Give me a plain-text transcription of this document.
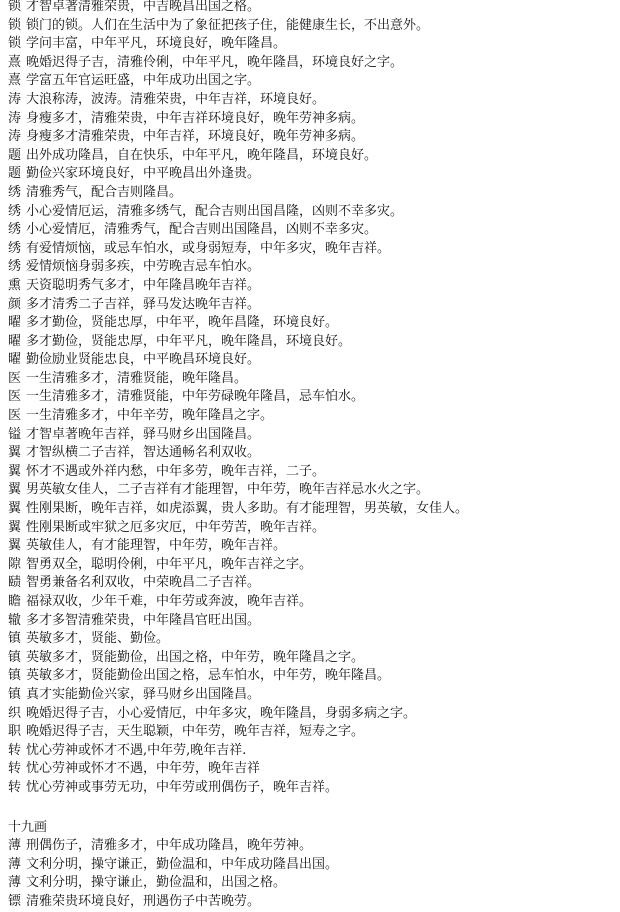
锁 才智卓著清雅荣贵，中吉晚昌出国之格。
锁 锁门的锁。人们在生活中为了象征把孩子住，能健康生长，不出意外。
锁 学问丰富，中年平凡，环境良好，晚年隆昌。
熹 晚婚迟得子吉，清雅伶俐，中年平凡，晚年隆昌，环境良好之字。
熹 学富五年官运旺盛，中年成功出国之字。
涛 大浪称涛，波涛。清雅荣贵，中年吉祥，环境良好。
涛 身瘦多才，清雅荣贵，中年吉祥环境良好，晚年劳神多病。
涛 身瘦多才清雅荣贵，中年吉祥，环境良好，晚年劳神多病。
题 出外成功隆昌，自在快乐，中年平凡，晚年隆昌，环境良好。
题 勤俭兴家环境良好，中平晚昌出外逢贵。
绣 清雅秀气，配合吉则隆昌。
绣 小心爱情厄运，清雅多绣气，配合吉则出国昌隆，凶则不幸多灾。
绣 小心爱情厄，清雅秀气，配合吉则出国隆昌，凶则不幸多灾。
绣 有爱情烦恼，或忌车怕水，或身弱短寿，中年多灾，晚年吉祥。
绣 爱情烦恼身弱多疾，中劳晚吉忌车怕水。
熏 天资聪明秀气多才，中年隆昌晚年吉祥。
颜 多才清秀二子吉祥，驿马发达晚年吉祥。
曜 多才勤俭，贤能忠厚，中年平，晚年昌隆，环境良好。
曜 多才勤俭，贤能忠厚，中年平凡，晚年隆昌，环境良好。
曜 勤俭励业贤能忠良，中平晚昌环境良好。
医 一生清雅多才，清雅贤能，晚年隆昌。
医 一生清雅多才，清雅贤能，中年劳碌晚年隆昌，忌车怕水。
医 一生清雅多才，中年辛劳，晚年隆昌之字。
镒 才智卓著晚年吉祥，驿马财乡出国隆昌。
翼 才智纵横二子吉祥，智达通畅名利双收。
翼 怀才不遇或外祥内愁，中年多劳，晚年吉祥，二子。
翼 男英敏女佳人，二子吉祥有才能理智，中年劳，晚年吉祥忌水火之字。
翼 性刚果断，晚年吉祥，如虎添翼，贵人多助。有才能理智，男英敏，女佳人。
翼 性刚果断或牢狱之厄多灾厄，中年劳苦，晚年吉祥。
翼 英敏佳人，有才能理智，中年劳，晚年吉祥。
隙 智勇双全，聪明伶俐，中年平凡，晚年吉祥之字。
赜 智勇兼备名利双收，中荣晚昌二子吉祥。
瞻 福禄双收，少年千难，中年劳或奔波，晚年吉祥。
辙 多才多智清雅荣贵，中年隆昌官旺出国。
镇 英敏多才，贤能、勤俭。
镇 英敏多才，贤能勤俭，出国之格，中年劳，晚年隆昌之字。
镇 英敏多才，贤能勤俭出国之格，忌车怕水，中年劳，晚年隆昌。
镇 真才实能勤俭兴家，驿马财乡出国隆昌。
织 晚婚迟得子吉，小心爱情厄，中年多灾，晚年隆昌，身弱多病之字。
职 晚婚迟得子吉，天生聪颖，中年劳，晚年吉祥，短寿之字。
转 忧心劳神或怀才不遇,中年劳,晚年吉祥.
转 忧心劳神或怀才不遇，中年劳，晚年吉祥
转 忧心劳神或事劳无功，中年劳或刑偶伤子，晚年吉祥。
十九画
薄 刑偶伤子，清雅多才，中年成功隆昌，晚年劳神。
薄 文利分明，操守谦正，勤俭温和，中年成功隆昌出国。
薄 文利分明，操守谦止，勤俭温和，出国之格。
镖 清雅荣贵环境良好，刑遇伤子中苦晚劳。
